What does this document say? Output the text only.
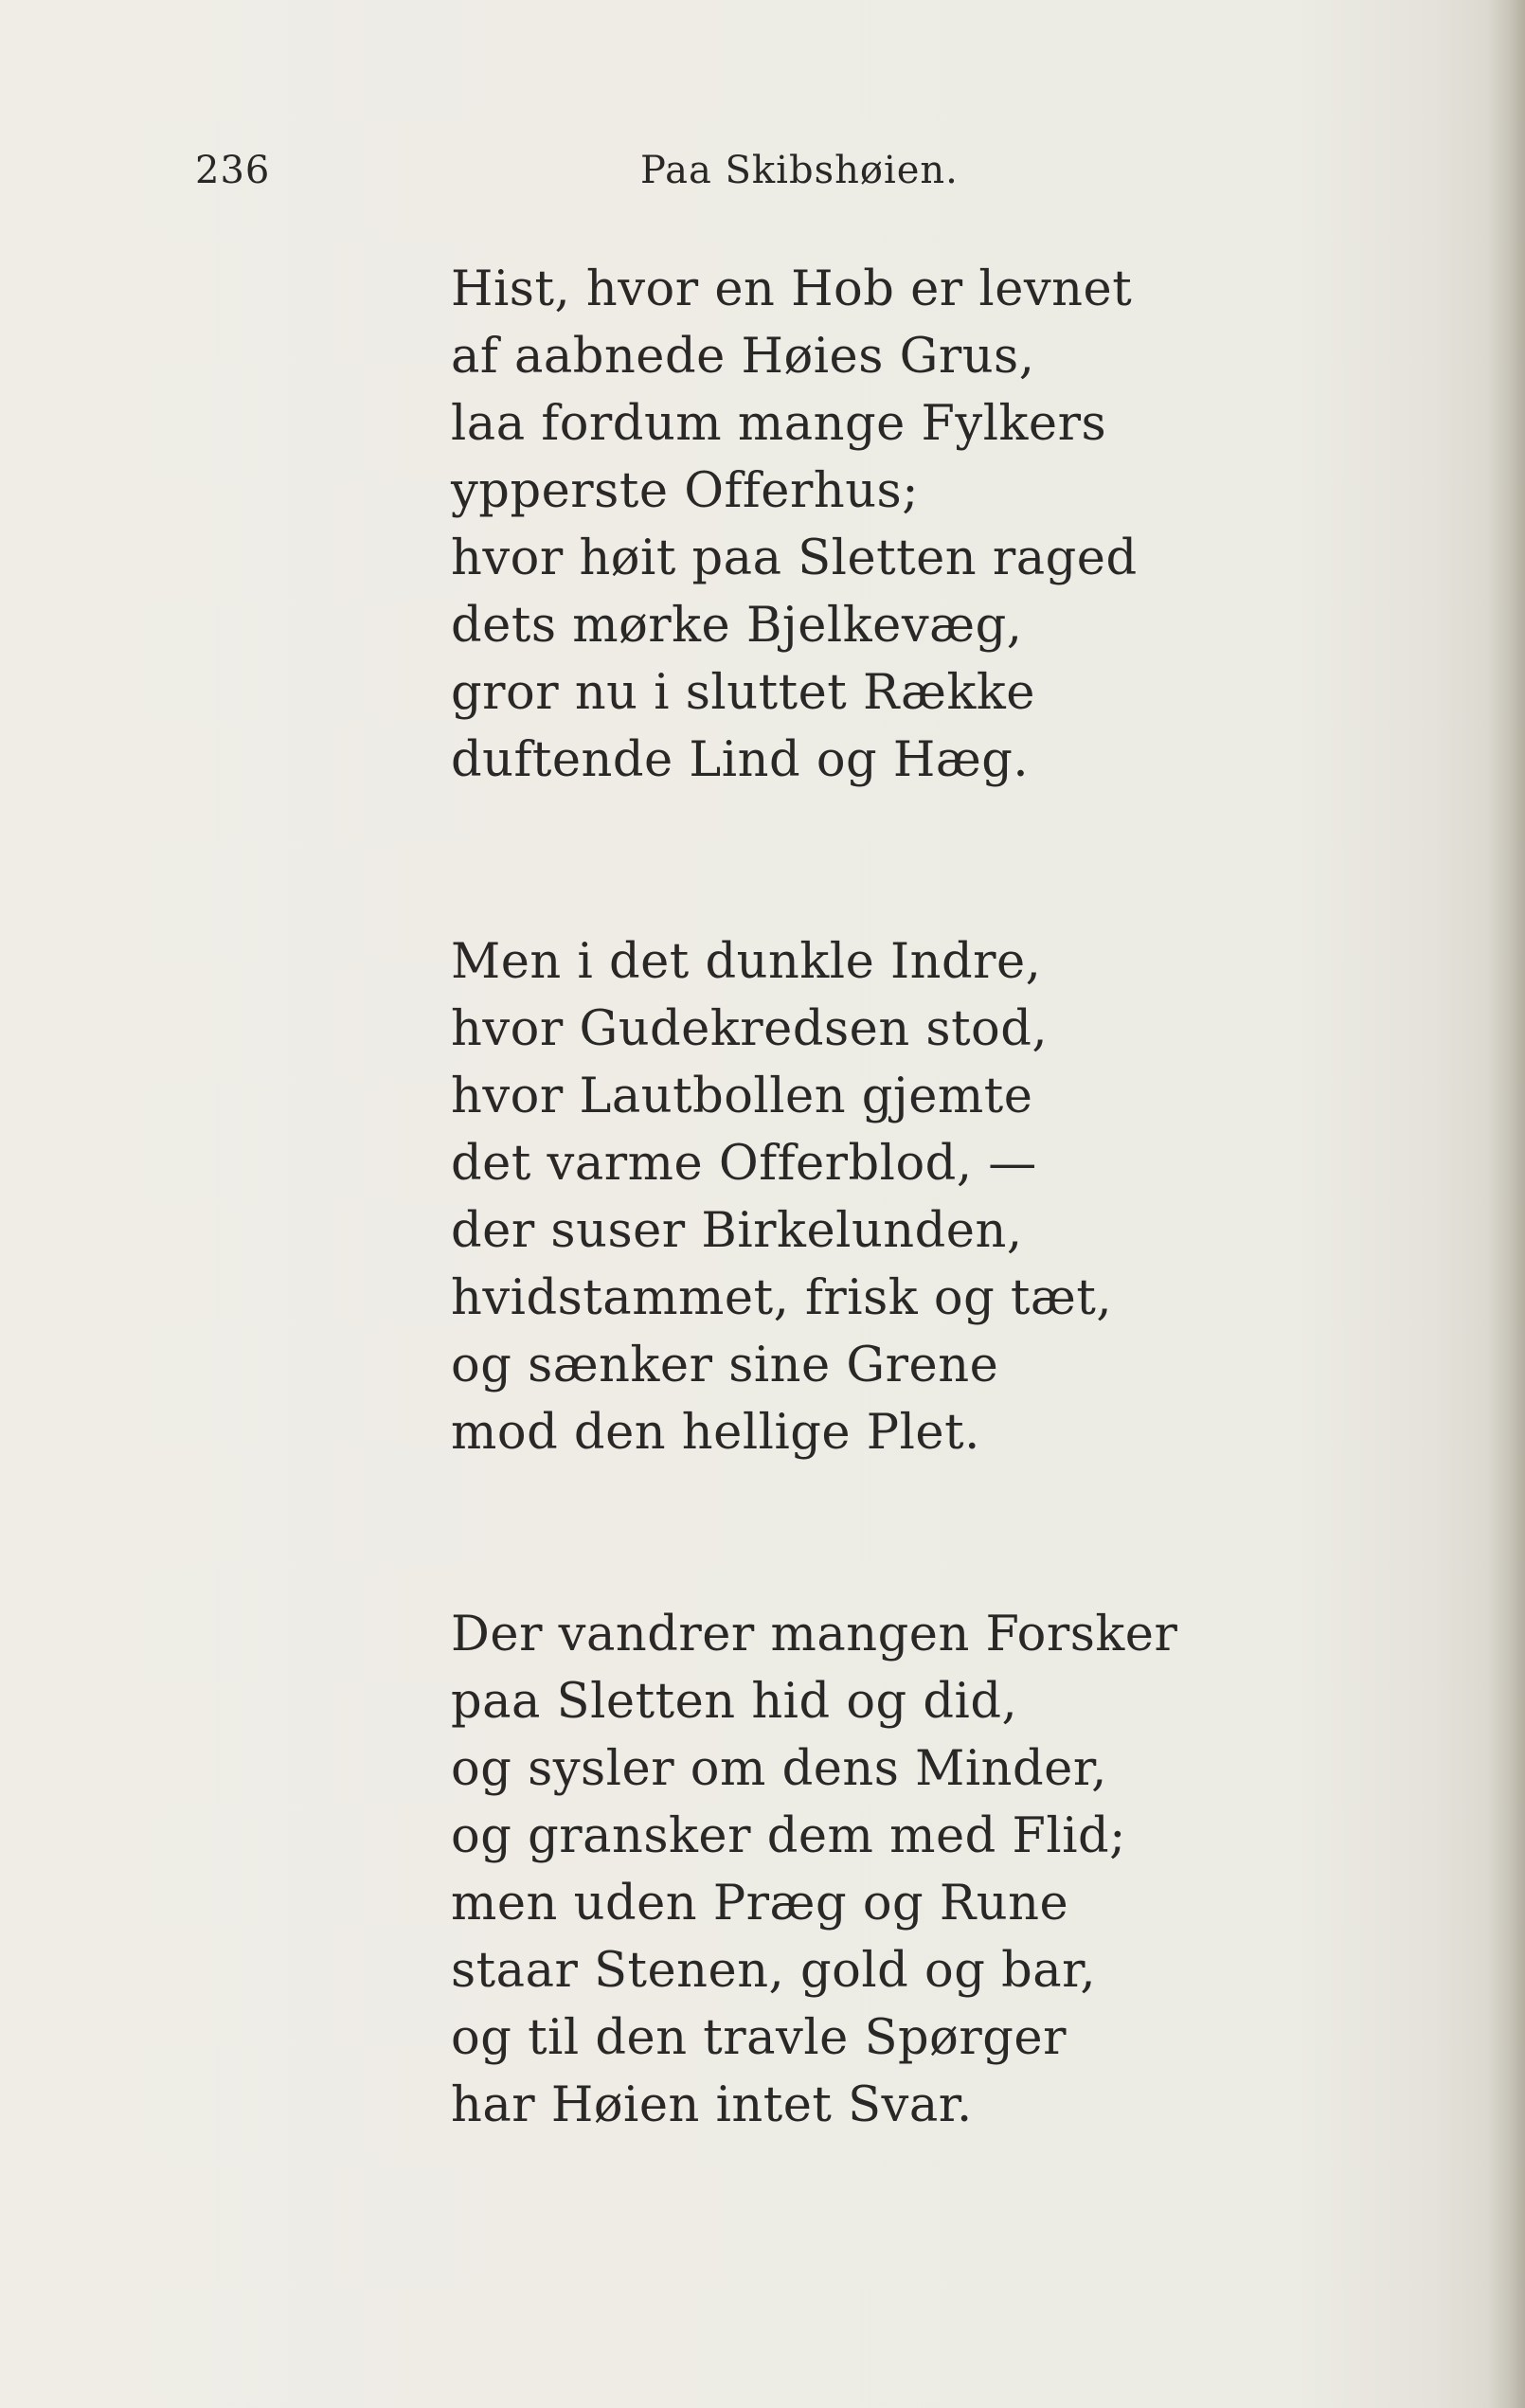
236	Paa Skibshøien.
Hist, hvor en Hob er levnet
af aabnede Høies Grus,
laa fordum mange Fylkers
ypperste Offerhus;
hvor høit paa Sletten raged
dets mørke Bjelkevæg,
gror nu i sluttet Række
duftende Lind og Hæg.
Men i det dunkle Indre,
hvor Gudekredsen stod,
hvor Lautbollen gjemte
det varme Offerblod, —
der suser Birkelunden,
hvidstammet, frisk og tæt,
og sænker sine Grene
mod den hellige Plet.
Der vandrer mangen Forsker
paa Sletten hid og did,
og sysler om dens Minder,
og gransker dem med Flid;
men uden Præg og Rune
staar Stenen, gold og bar,
og til den travle Spørger
har Høien intet Svar.
